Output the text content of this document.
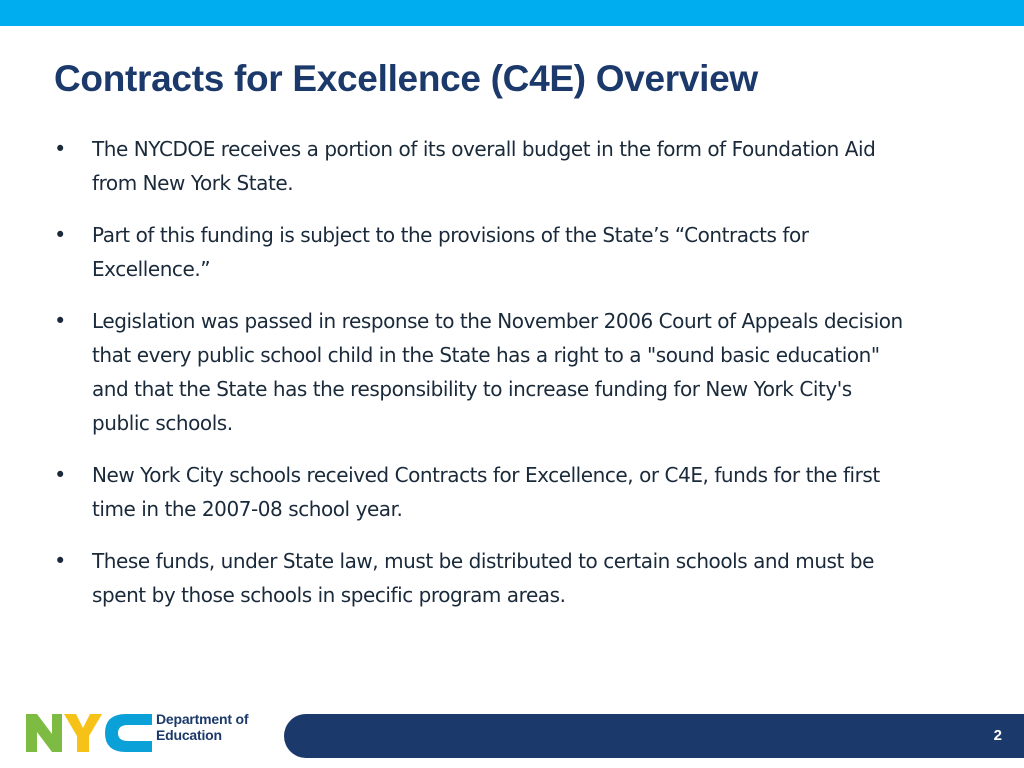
Contracts for Excellence (C4E) Overview
•	The NYCDOE receives a portion of its overall budget in the form of Foundation Aid from New York State.
•	Part of this funding is subject to the provisions of the State’s “Contracts for Excellence.”
•	Legislation was passed in response to the November 2006 Court of Appeals decision that every public school child in the State has a right to a "sound basic education" and that the State has the responsibility to increase funding for New York City's public schools.
•	New York City schools received Contracts for Excellence, or C4E, funds for the first time in the 2007-08 school year.
•	These funds, under State law, must be distributed to certain schools and must be spent by those schools in specific program areas.
Department of
Education	2
